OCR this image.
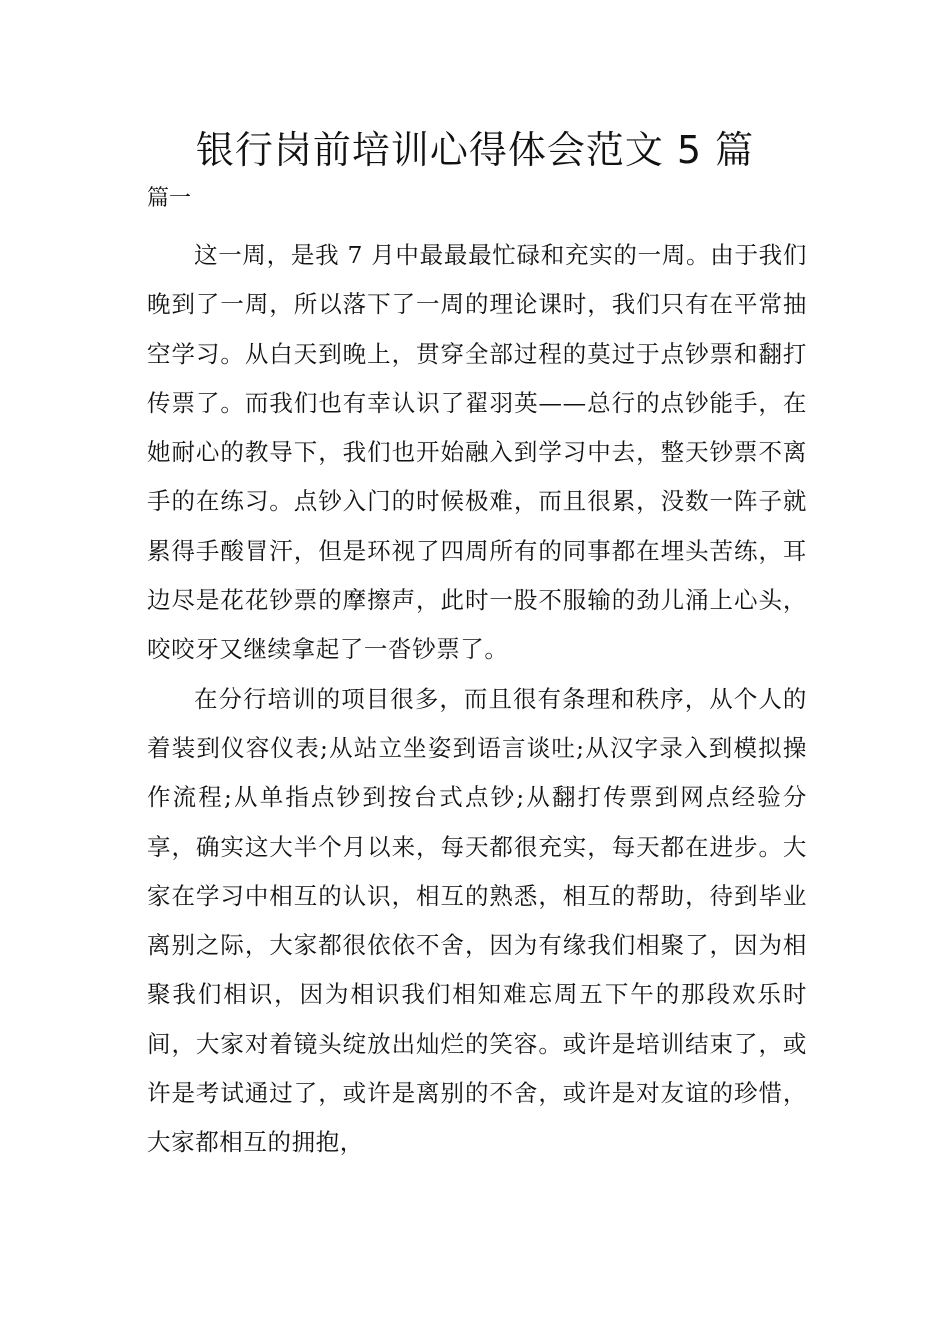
银行岗前培训心得体会范文 5 篇

篇一

这一周，是我 7 月中最最最忙碌和充实的一周。由于我们晚到了一周，所以落下了一周的理论课时，我们只有在平常抽空学习。从白天到晚上，贯穿全部过程的莫过于点钞票和翻打传票了。而我们也有幸认识了翟羽英——总行的点钞能手，在她耐心的教导下，我们也开始融入到学习中去，整天钞票不离手的在练习。点钞入门的时候极难，而且很累，没数一阵子就累得手酸冒汗，但是环视了四周所有的同事都在埋头苦练，耳边尽是花花钞票的摩擦声，此时一股不服输的劲儿涌上心头，咬咬牙又继续拿起了一沓钞票了。

在分行培训的项目很多，而且很有条理和秩序，从个人的着装到仪容仪表;从站立坐姿到语言谈吐;从汉字录入到模拟操作流程;从单指点钞到按台式点钞;从翻打传票到网点经验分享，确实这大半个月以来，每天都很充实，每天都在进步。大家在学习中相互的认识，相互的熟悉，相互的帮助，待到毕业离别之际，大家都很依依不舍，因为有缘我们相聚了，因为相聚我们相识，因为相识我们相知难忘周五下午的那段欢乐时间，大家对着镜头绽放出灿烂的笑容。或许是培训结束了，或许是考试通过了，或许是离别的不舍，或许是对友谊的珍惜，大家都相互的拥抱，
